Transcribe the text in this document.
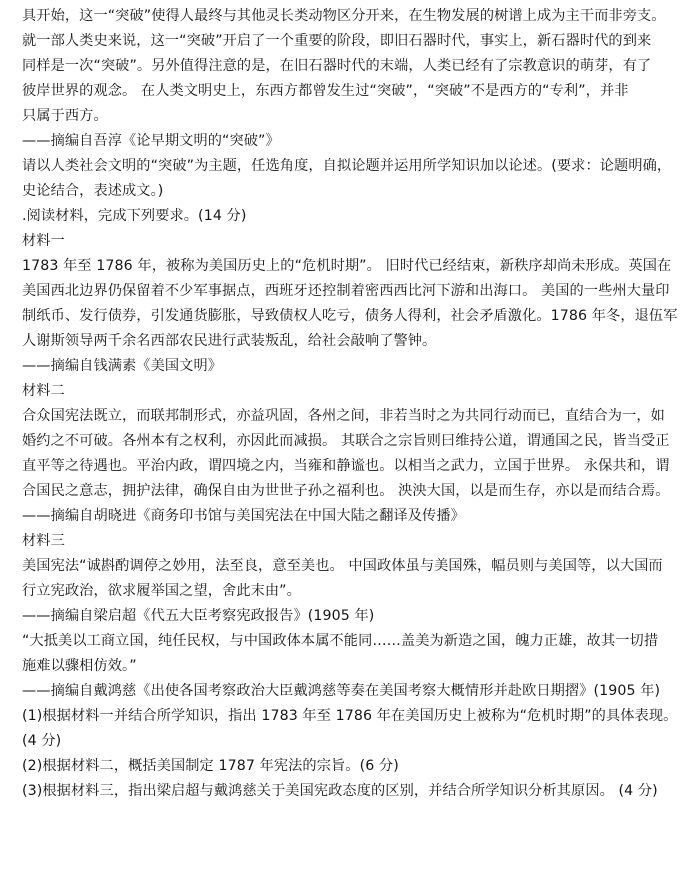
具开始，这一“突破”使得人最终与其他灵长类动物区分开来，在生物发展的树谱上成为主干而非旁支。
就一部人类史来说，这一“突破”开启了一个重要的阶段，即旧石器时代，事实上，新石器时代的到来
同样是一次“突破”。另外值得注意的是，在旧石器时代的末端，人类已经有了宗教意识的萌芽，有了
彼岸世界的观念。 在人类文明史上，东西方都曾发生过“突破”，“突破”不是西方的“专利”，并非
只属于西方。
——摘编自吾淳《论早期文明的“突破”》
请以人类社会文明的“突破”为主题，任选角度，自拟论题并运用所学知识加以论述。(要求：论题明确，
史论结合，表述成文。)
.阅读材料，完成下列要求。(14 分)
材料一
1783 年至 1786 年，被称为美国历史上的“危机时期”。 旧时代已经结束，新秩序却尚未形成。英国在
美国西北边界仍保留着不少军事据点，西班牙还控制着密西西比河下游和出海口。 美国的一些州大量印
制纸币、发行债券，引发通货膨胀，导致债权人吃亏，债务人得利，社会矛盾激化。1786 年冬，退伍军
人谢斯领导两千余名西部农民进行武装叛乱，给社会敲响了警钟。
——摘编自钱满素《美国文明》
材料二
合众国宪法既立，而联邦制形式，亦益巩固，各州之间，非若当时之为共同行动而已，直结合为一，如
婚约之不可破。各州本有之权利，亦因此而减损。 其联合之宗旨则曰维持公道，谓通国之民，皆当受正
直平等之待遇也。平治内政，谓四境之内，当雍和静谧也。以相当之武力，立国于世界。 永保共和，谓
合国民之意志，拥护法律，确保自由为世世子孙之福利也。 泱泱大国，以是而生存，亦以是而结合焉。
——摘编自胡晓进《商务印书馆与美国宪法在中国大陆之翻译及传播》
材料三
美国宪法“诚斟酌调停之妙用，法至良，意至美也。 中国政体虽与美国殊，幅员则与美国等，以大国而
行立宪政治，欲求履举国之望，舍此末由”。
——摘编自梁启超《代五大臣考察宪政报告》(1905 年)
“大抵美以工商立国，纯任民权，与中国政体本属不能同……盖美为新造之国，魄力正雄，故其一切措
施难以骤相仿效。”
——摘编自戴鸿慈《出使各国考察政治大臣戴鸿慈等奏在美国考察大概情形并赴欧日期摺》(1905 年)
(1)根据材料一并结合所学知识，指出 1783 年至 1786 年在美国历史上被称为“危机时期”的具体表现。
(4 分)
(2)根据材料二，概括美国制定 1787 年宪法的宗旨。(6 分)
(3)根据材料三，指出梁启超与戴鸿慈关于美国宪政态度的区别，并结合所学知识分析其原因。 (4 分)
